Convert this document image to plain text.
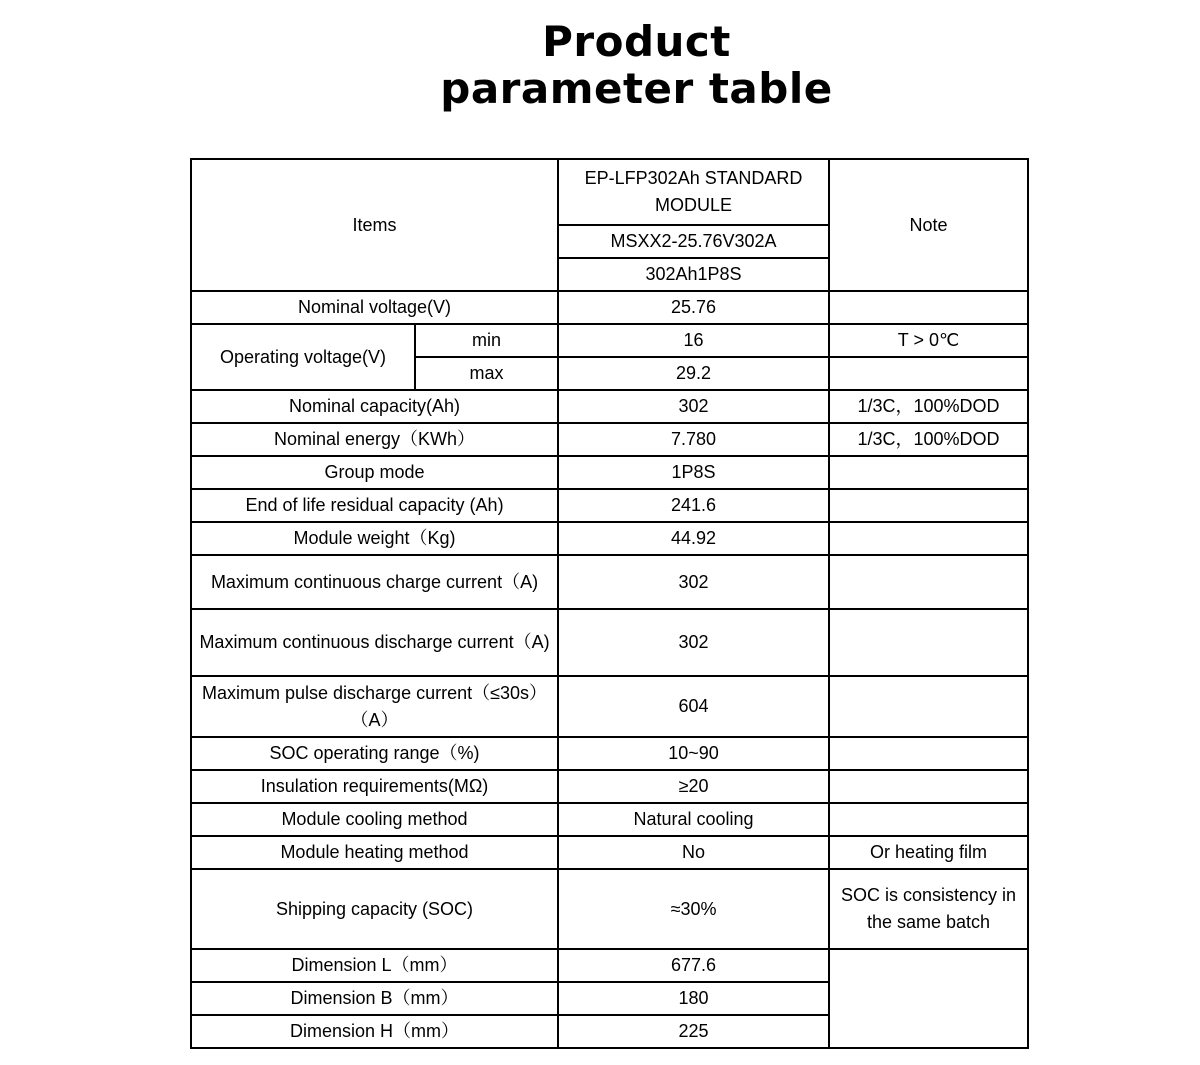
Product
parameter table
Items		EP-LFP302Ah STANDARD MODULE	Note
		MSXX2-25.76V302A	
		302Ah1P8S	
Nominal voltage(V)		25.76	
Operating voltage(V)	min	16	T > 0℃
	max	29.2	
Nominal capacity(Ah)		302	1/3C，100%DOD
Nominal energy（KWh）		7.780	1/3C，100%DOD
Group mode		1P8S	
End of life residual capacity (Ah)		241.6	
Module weight（Kg)		44.92	
Maximum continuous charge current（A)		302	
Maximum continuous discharge current（A)		302	
Maximum pulse discharge current（≤30s）（A）		604	
SOC operating range（%)		10~90	
Insulation requirements(MΩ)		≥20	
Module cooling method		Natural cooling	
Module heating method		No	Or heating film
Shipping capacity (SOC)		≈30%	SOC is consistency in the same batch
Dimension L（mm）		677.6	
Dimension B（mm）		180	
Dimension H（mm）		225	
